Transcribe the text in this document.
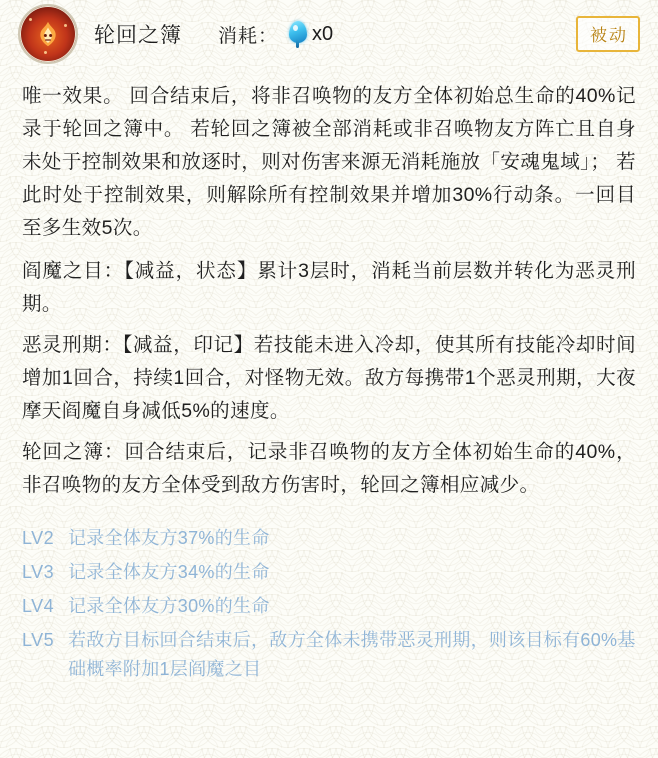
轮回之簿 消耗： x0	被动

唯一效果。 回合结束后，将非召唤物的友方全体初始总生命的40%记录于轮回之簿中。 若轮回之簿被全部消耗或非召唤物友方阵亡且自身未处于控制效果和放逐时，则对伤害来源无消耗施放「安魂鬼域」； 若此时处于控制效果，则解除所有控制效果并增加30%行动条。一回目至多生效5次。

阎魔之目：【减益，状态】累计3层时，消耗当前层数并转化为恶灵刑期。

恶灵刑期：【减益，印记】若技能未进入冷却，使其所有技能冷却时间增加1回合，持续1回合，对怪物无效。敌方每携带1个恶灵刑期，大夜摩天阎魔自身减低5%的速度。

轮回之簿：回合结束后，记录非召唤物的友方全体初始生命的40%，非召唤物的友方全体受到敌方伤害时，轮回之簿相应减少。

LV2 记录全体友方37%的生命
LV3 记录全体友方34%的生命
LV4 记录全体友方30%的生命
LV5 若敌方目标回合结束后，敌方全体未携带恶灵刑期，则该目标有60%基础概率附加1层阎魔之目
